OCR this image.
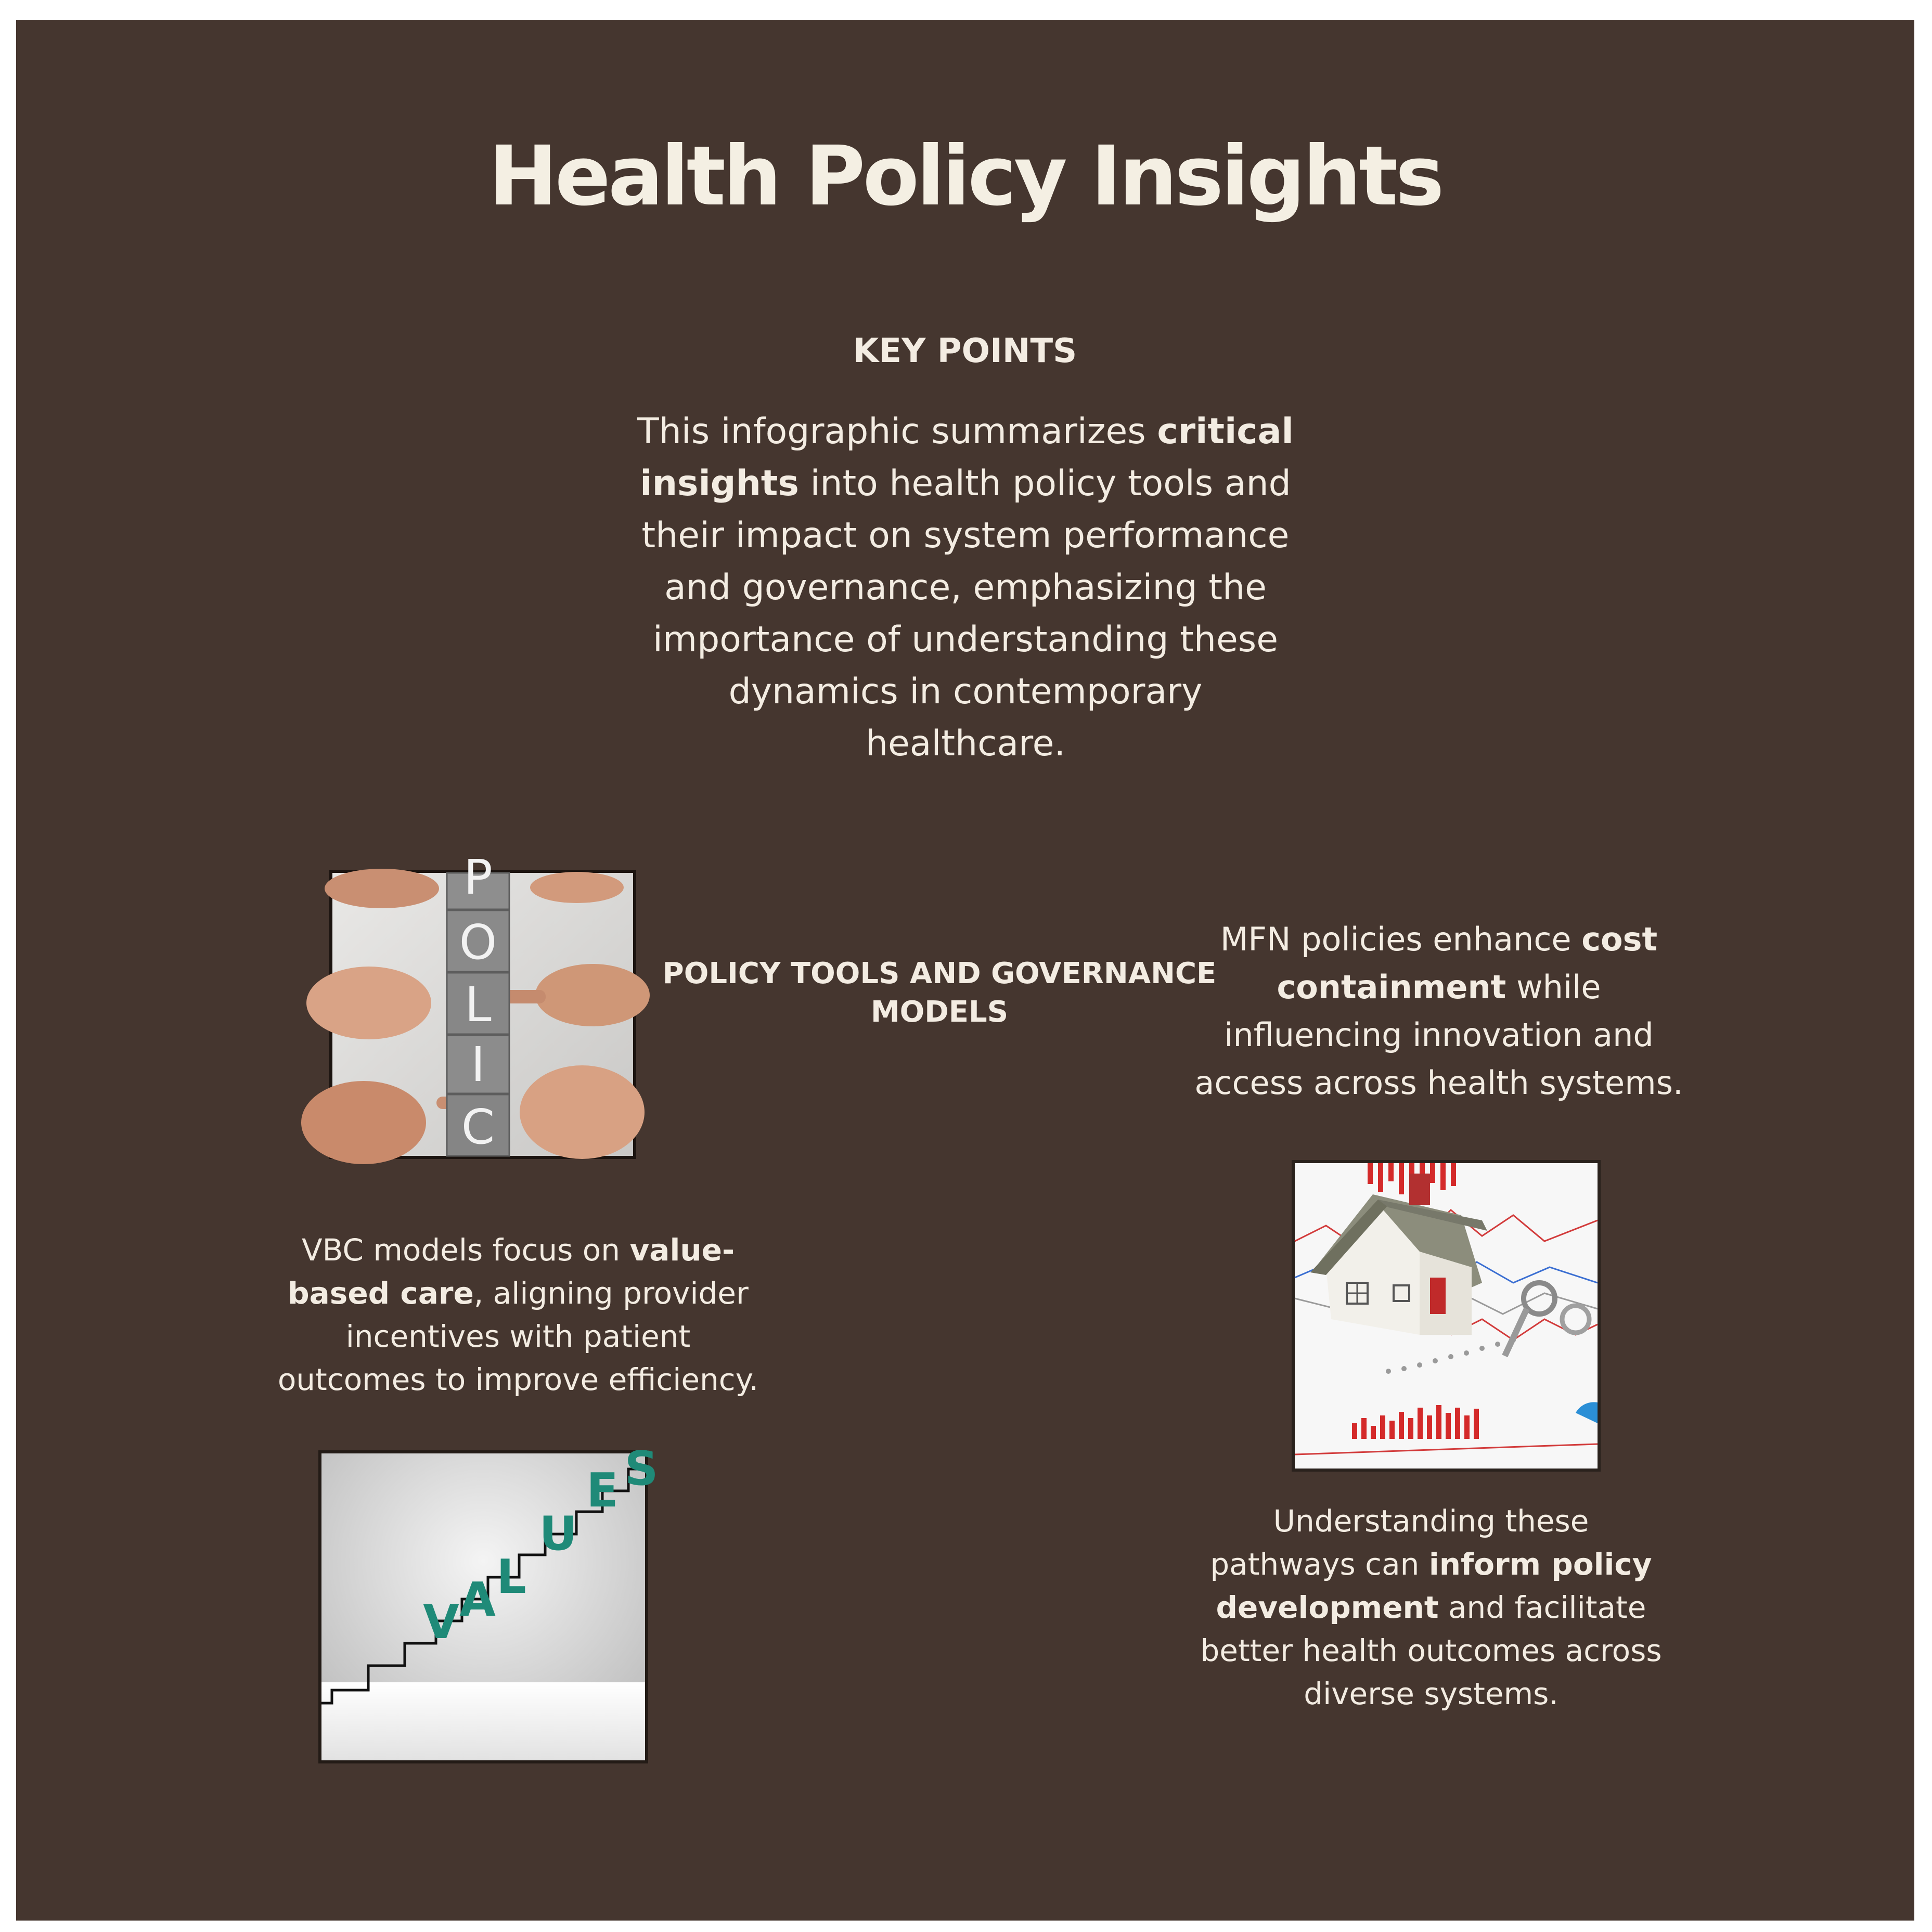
Health Policy Insights
KEY POINTS
This infographic summarizes critical insights into health policy tools and their impact on system performance and governance, emphasizing the importance of understanding these dynamics in contemporary healthcare.
P
O
L
I
C
POLICY TOOLS AND GOVERNANCE MODELS
MFN policies enhance cost containment while influencing innovation and access across health systems.
VBC models focus on value-based care, aligning provider incentives with patient outcomes to improve efficiency.
Understanding these pathways can inform policy development and facilitate better health outcomes across diverse systems.
V A L
U
E S
